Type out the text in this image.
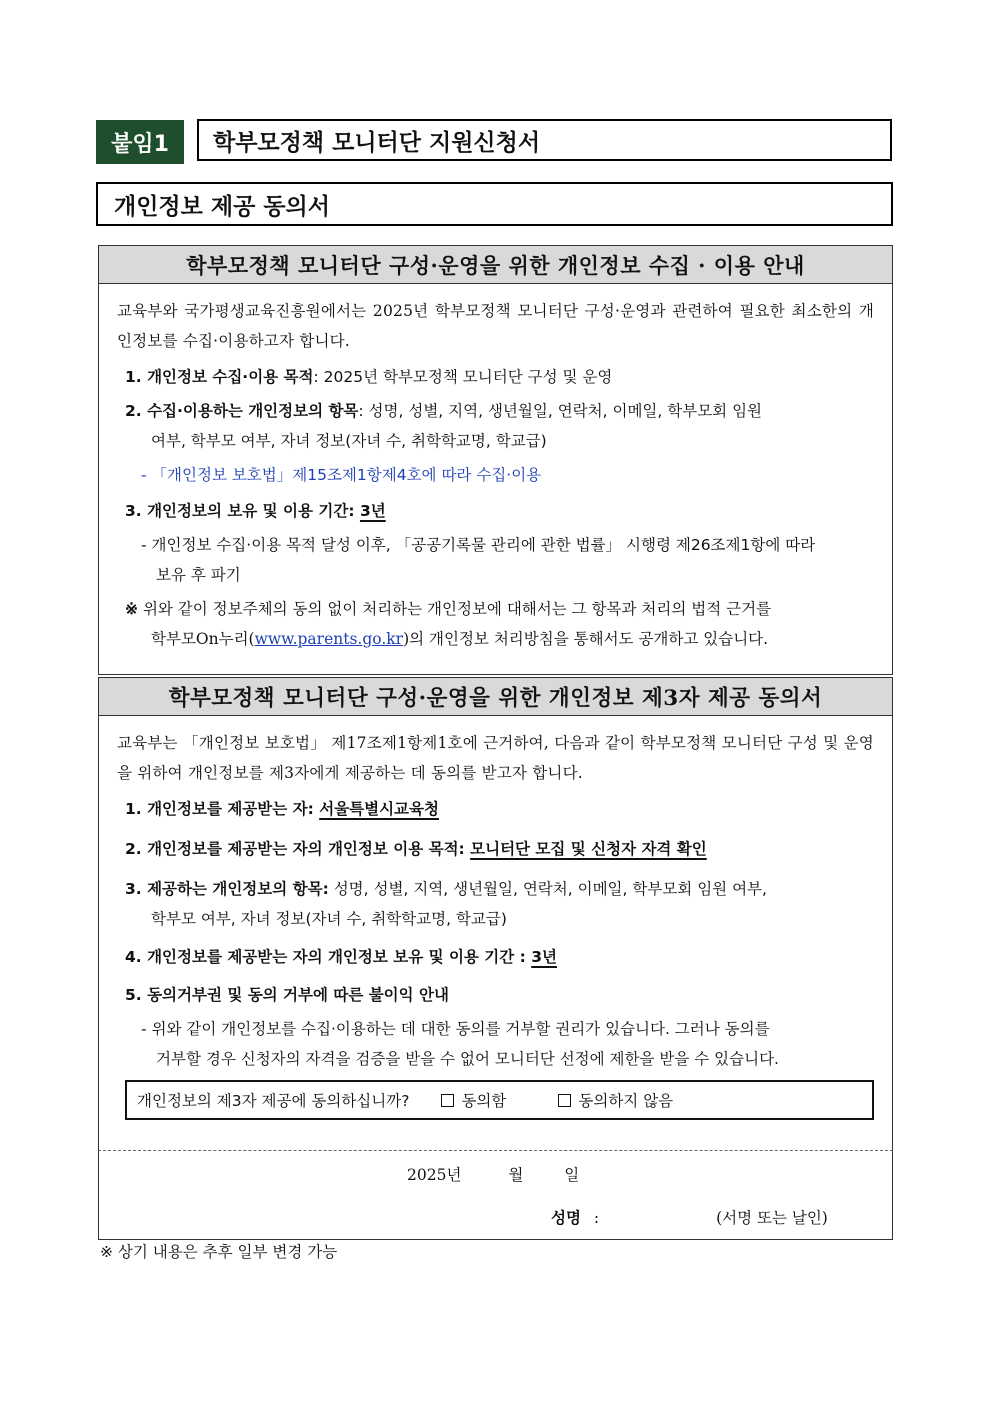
붙임1	학부모정책 모니터단 지원신청서
개인정보 제공 동의서
학부모정책 모니터단 구성·운영을 위한 개인정보 수집 · 이용 안내
교육부와 국가평생교육진흥원에서는 2025년 학부모정책 모니터단 구성·운영과 관련하여 필요한 최소한의 개인정보를 수집·이용하고자 합니다.
1. 개인정보 수집·이용 목적: 2025년 학부모정책 모니터단 구성 및 운영
2. 수집·이용하는 개인정보의 항목: 성명, 성별, 지역, 생년월일, 연락처, 이메일, 학부모회 임원
여부, 학부모 여부, 자녀 정보(자녀 수, 취학학교명, 학교급)
- 「개인정보 보호법」제15조제1항제4호에 따라 수집·이용
3. 개인정보의 보유 및 이용 기간: 3년
- 개인정보 수집·이용 목적 달성 이후, 「공공기록물 관리에 관한 법률」 시행령 제26조제1항에 따라
보유 후 파기
※ 위와 같이 정보주체의 동의 없이 처리하는 개인정보에 대해서는 그 항목과 처리의 법적 근거를
학부모On누리(www.parents.go.kr)의 개인정보 처리방침을 통해서도 공개하고 있습니다.
학부모정책 모니터단 구성·운영을 위한 개인정보 제3자 제공 동의서
교육부는 「개인정보 보호법」 제17조제1항제1호에 근거하여, 다음과 같이 학부모정책 모니터단 구성 및 운영을 위하여 개인정보를 제3자에게 제공하는 데 동의를 받고자 합니다.
1. 개인정보를 제공받는 자: 서울특별시교육청
2. 개인정보를 제공받는 자의 개인정보 이용 목적: 모니터단 모집 및 신청자 자격 확인
3. 제공하는 개인정보의 항목: 성명, 성별, 지역, 생년월일, 연락처, 이메일, 학부모회 임원 여부,
학부모 여부, 자녀 정보(자녀 수, 취학학교명, 학교급)
4. 개인정보를 제공받는 자의 개인정보 보유 및 이용 기간 : 3년
5. 동의거부권 및 동의 거부에 따른 불이익 안내
- 위와 같이 개인정보를 수집·이용하는 데 대한 동의를 거부할 권리가 있습니다. 그러나 동의를
거부할 경우 신청자의 자격을 검증을 받을 수 없어 모니터단 선정에 제한을 받을 수 있습니다.
개인정보의 제3자 제공에 동의하십니까?	동의함	동의하지 않음
2025년	월	일
성명 :	(서명 또는 날인)
※ 상기 내용은 추후 일부 변경 가능
